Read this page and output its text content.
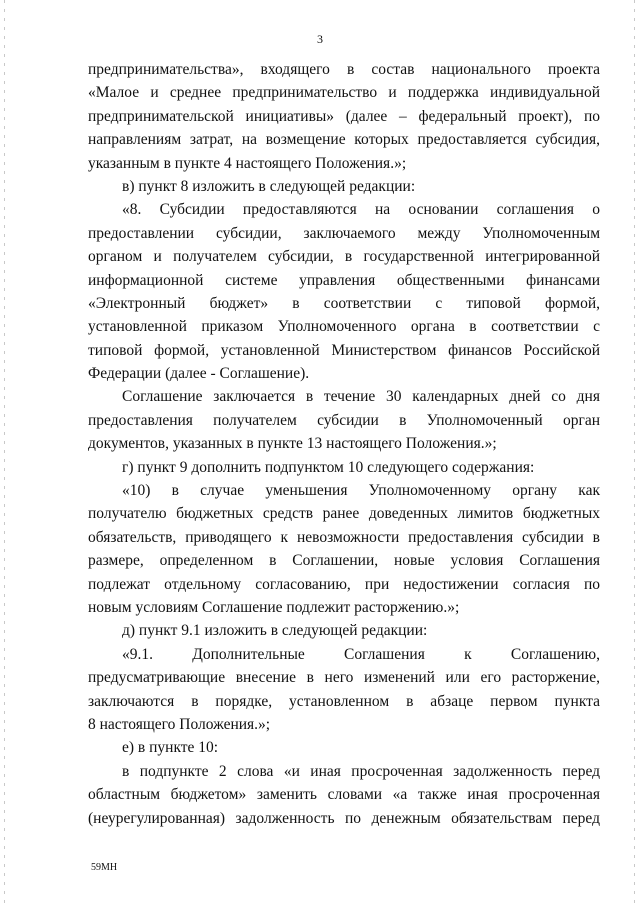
3
предпринимательства», входящего в состав национального проекта
«Малое и среднее предпринимательство и поддержка индивидуальной
предпринимательской инициативы» (далее – федеральный проект), по
направлениям затрат, на возмещение которых предоставляется субсидия,
указанным в пункте 4 настоящего Положения.»;
в) пункт 8 изложить в следующей редакции:
«8. Субсидии предоставляются на основании соглашения о
предоставлении субсидии, заключаемого между Уполномоченным
органом и получателем субсидии, в государственной интегрированной
информационной системе управления общественными финансами
«Электронный бюджет» в соответствии с типовой формой,
установленной приказом Уполномоченного органа в соответствии с
типовой формой, установленной Министерством финансов Российской
Федерации (далее - Соглашение).
Соглашение заключается в течение 30 календарных дней со дня
предоставления получателем субсидии в Уполномоченный орган
документов, указанных в пункте 13 настоящего Положения.»;
г) пункт 9 дополнить подпунктом 10 следующего содержания:
«10) в случае уменьшения Уполномоченному органу как
получателю бюджетных средств ранее доведенных лимитов бюджетных
обязательств, приводящего к невозможности предоставления субсидии в
размере, определенном в Соглашении, новые условия Соглашения
подлежат отдельному согласованию, при недостижении согласия по
новым условиям Соглашение подлежит расторжению.»;
д) пункт 9.1 изложить в следующей редакции:
«9.1. Дополнительные Соглашения к Соглашению,
предусматривающие внесение в него изменений или его расторжение,
заключаются в порядке, установленном в абзаце первом пункта
8 настоящего Положения.»;
е) в пункте 10:
в подпункте 2 слова «и иная просроченная задолженность перед
областным бюджетом» заменить словами «а также иная просроченная
(неурегулированная) задолженность по денежным обязательствам перед
59МН
